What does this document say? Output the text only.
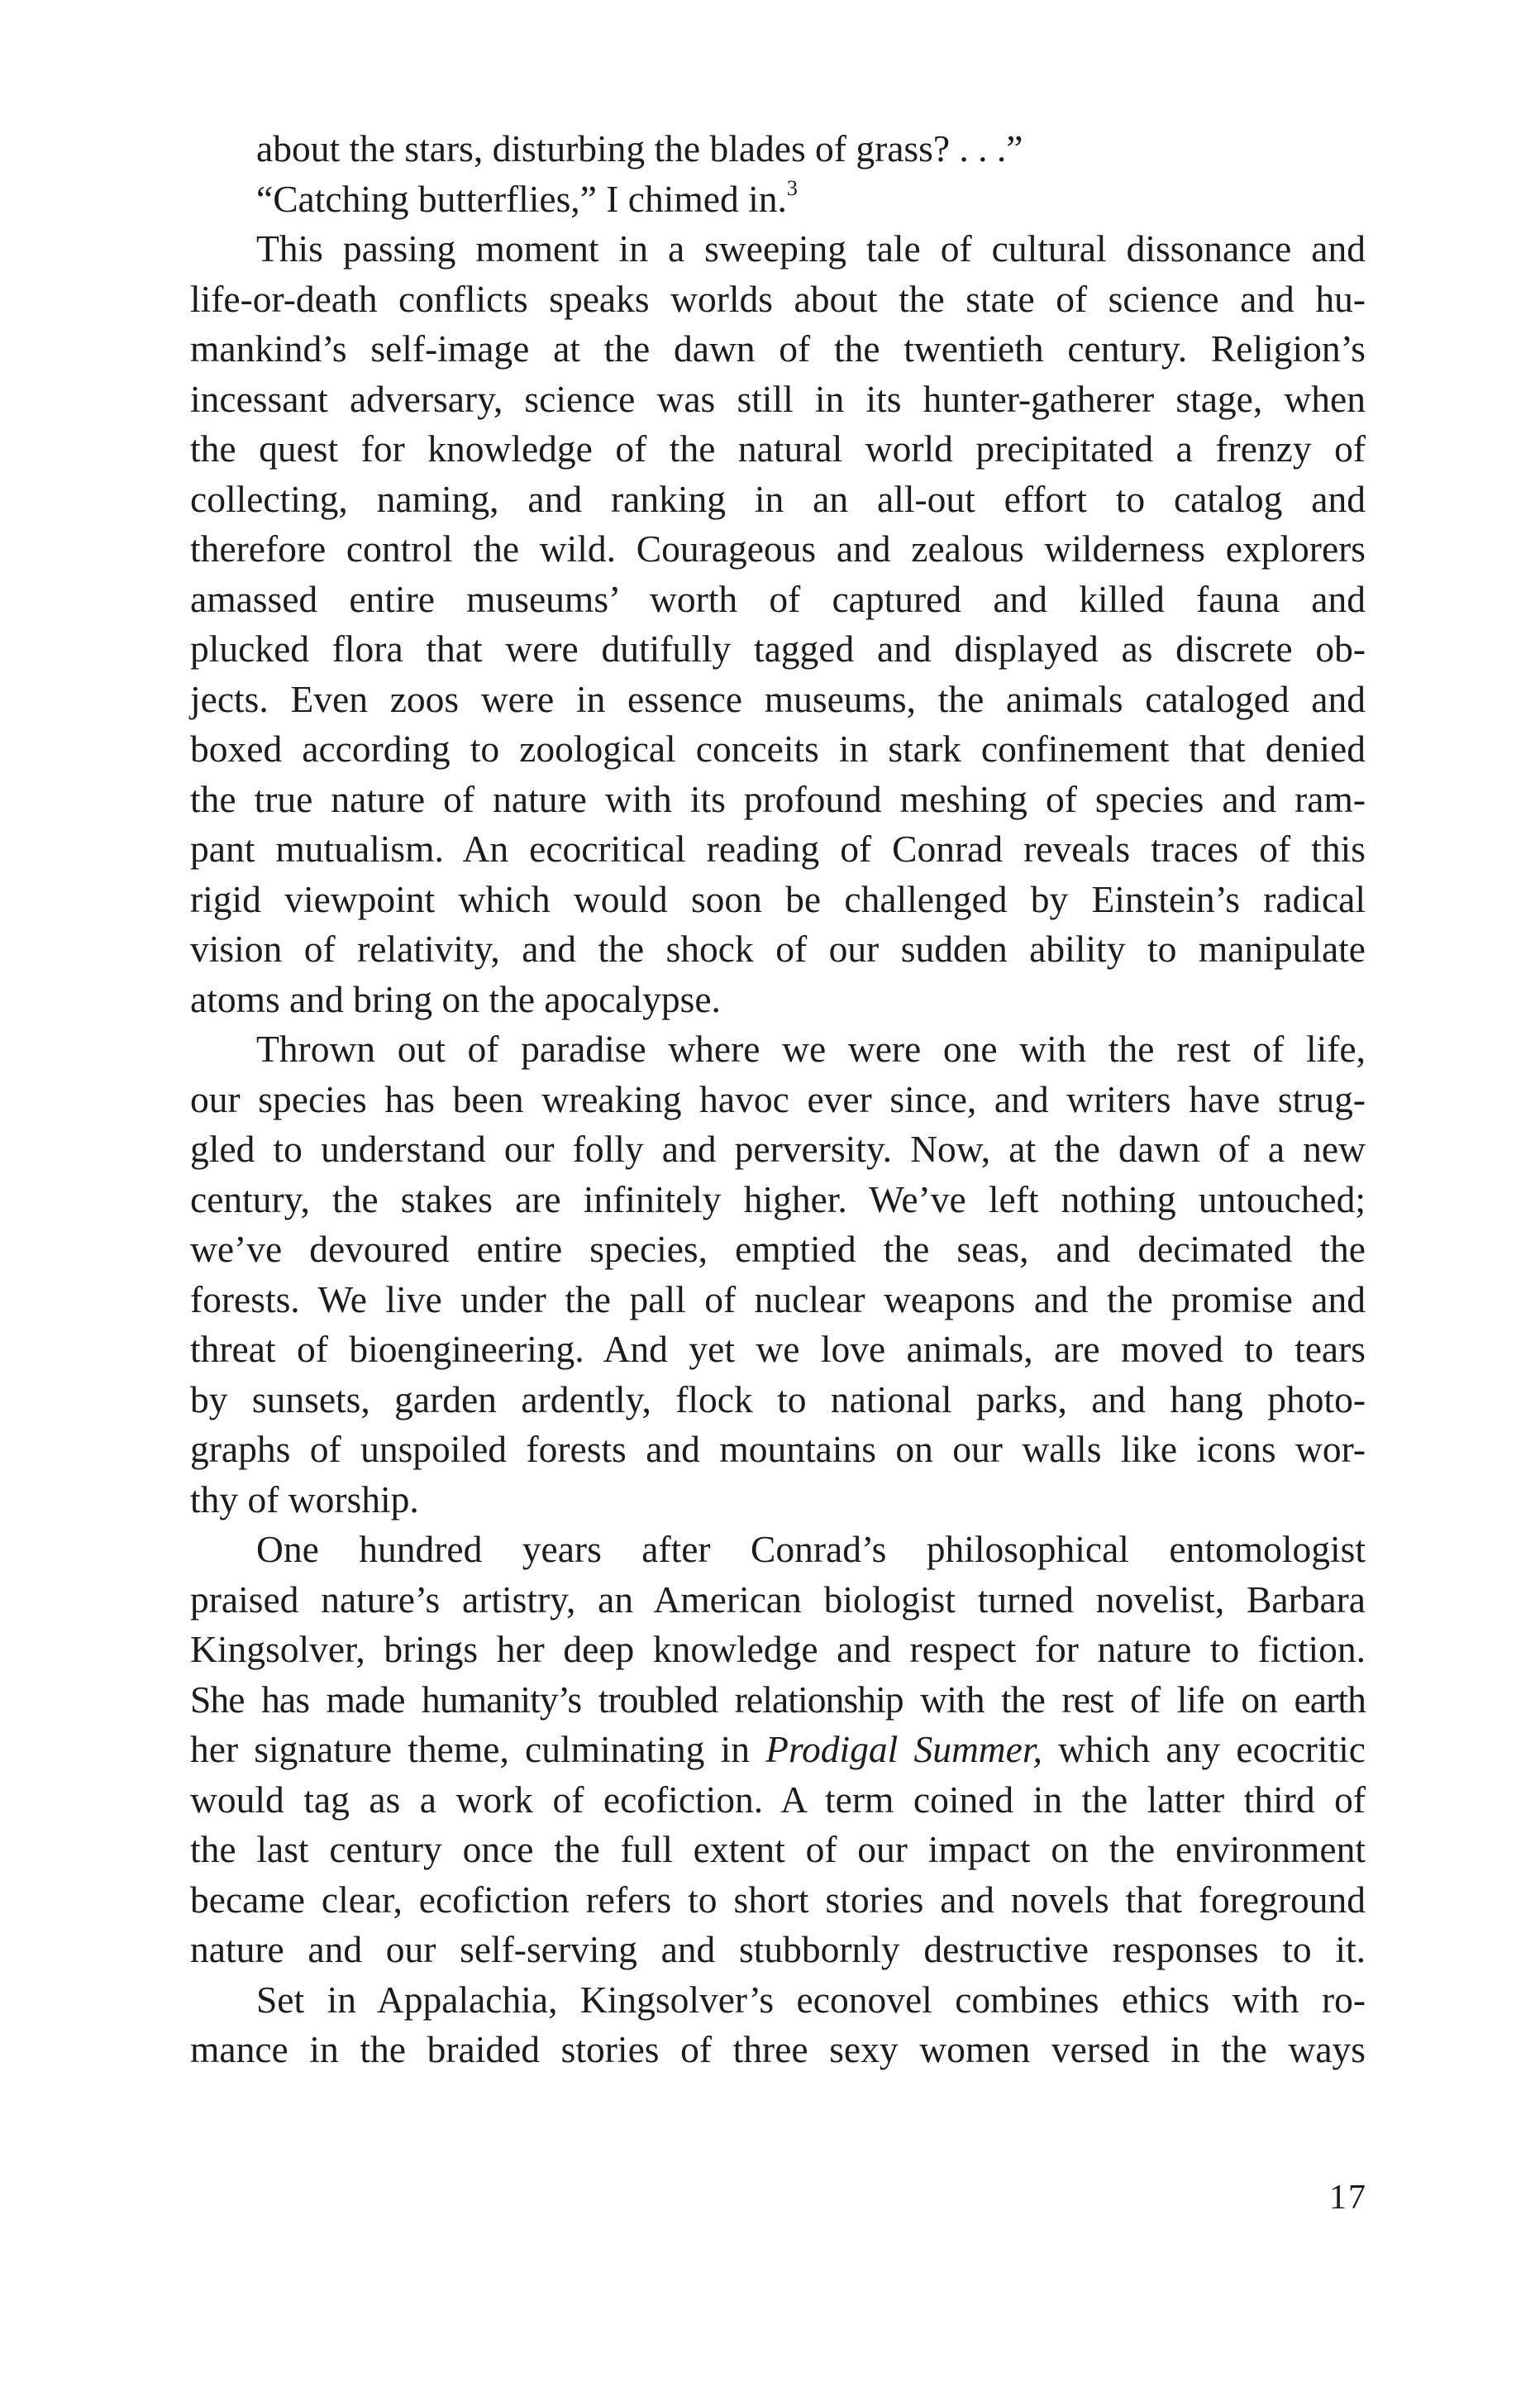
about the stars, disturbing the blades of grass? . . .”
“Catching butterflies,” I chimed in.$^3$
This passing moment in a sweeping tale of cultural dissonance and
life-or-death conflicts speaks worlds about the state of science and hu-
mankind’s self-image at the dawn of the twentieth century. Religion’s
incessant adversary, science was still in its hunter-gatherer stage, when
the quest for knowledge of the natural world precipitated a frenzy of
collecting, naming, and ranking in an all-out effort to catalog and
therefore control the wild. Courageous and zealous wilderness explorers
amassed entire museums’ worth of captured and killed fauna and
plucked flora that were dutifully tagged and displayed as discrete ob-
jects. Even zoos were in essence museums, the animals cataloged and
boxed according to zoological conceits in stark confinement that denied
the true nature of nature with its profound meshing of species and ram-
pant mutualism. An ecocritical reading of Conrad reveals traces of this
rigid viewpoint which would soon be challenged by Einstein’s radical
vision of relativity, and the shock of our sudden ability to manipulate
atoms and bring on the apocalypse.
Thrown out of paradise where we were one with the rest of life,
our species has been wreaking havoc ever since, and writers have strug-
gled to understand our folly and perversity. Now, at the dawn of a new
century, the stakes are infinitely higher. We’ve left nothing untouched;
we’ve devoured entire species, emptied the seas, and decimated the
forests. We live under the pall of nuclear weapons and the promise and
threat of bioengineering. And yet we love animals, are moved to tears
by sunsets, garden ardently, flock to national parks, and hang photo-
graphs of unspoiled forests and mountains on our walls like icons wor-
thy of worship.
One hundred years after Conrad’s philosophical entomologist
praised nature’s artistry, an American biologist turned novelist, Barbara
Kingsolver, brings her deep knowledge and respect for nature to fiction.
She has made humanity’s troubled relationship with the rest of life on earth
her signature theme, culminating in Prodigal Summer, which any ecocritic
would tag as a work of ecofiction. A term coined in the latter third of
the last century once the full extent of our impact on the environment
became clear, ecofiction refers to short stories and novels that foreground
nature and our self-serving and stubbornly destructive responses to it.
Set in Appalachia, Kingsolver’s econovel combines ethics with ro-
mance in the braided stories of three sexy women versed in the ways
17
